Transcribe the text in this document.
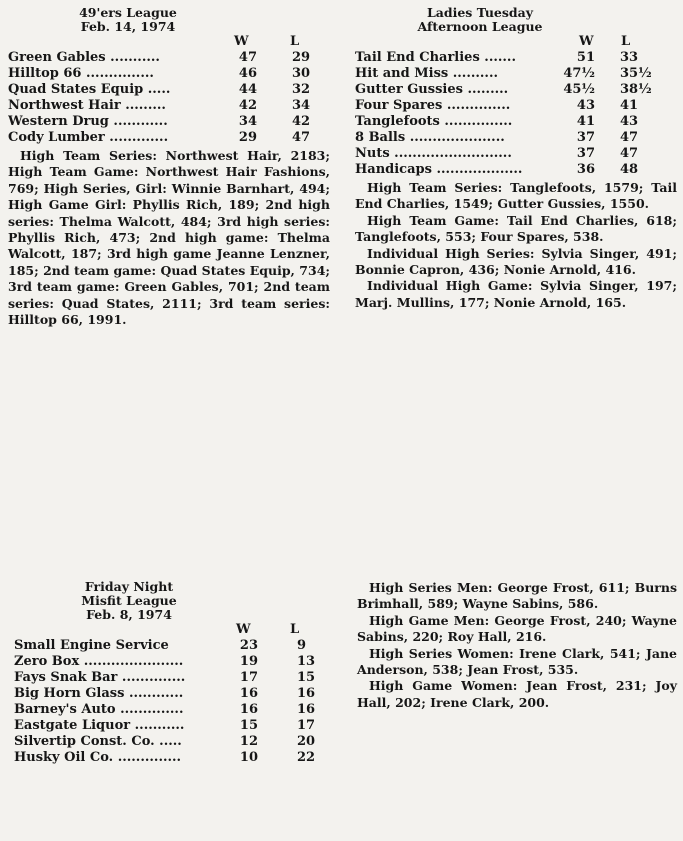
49'ers League
Feb. 14, 1974
W	L
Green Gables ...........	47	29
Hilltop 66 ...............	46	30
Quad States Equip .....	44	32
Northwest Hair .........	42	34
Western Drug ............	34	42
Cody Lumber .............	29	47

High Team Series: Northwest Hair, 2183; High Team Game: Northwest Hair Fashions, 769; High Series, Girl: Winnie Barnhart, 494; High Game Girl: Phyllis Rich, 189; 2nd high series: Thelma Walcott, 484; 3rd high series: Phyllis Rich, 473; 2nd high game: Thelma Walcott, 187; 3rd high game Jeanne Lenzner, 185; 2nd team game: Quad States Equip, 734; 3rd team game: Green Gables, 701; 2nd team series: Quad States, 2111; 3rd team series: Hilltop 66, 1991.

Ladies Tuesday
Afternoon League
W L
Tail End Charlies .......	51 33
Hit and Miss ..........	47½ 35½
Gutter Gussies .........	45½ 38½
Four Spares ..............	43 41
Tanglefoots ...............	41 43
8 Balls .....................	37 47
Nuts ..........................	37 47
Handicaps ...................	36 48

High Team Series: Tanglefoots, 1579; Tail End Charlies, 1549; Gutter Gussies, 1550.

High Team Game: Tail End Charlies, 618; Tanglefoots, 553; Four Spares, 538.

Individual High Series: Sylvia Singer, 491; Bonnie Capron, 436; Nonie Arnold, 416.

Individual High Game: Sylvia Singer, 197; Marj. Mullins, 177; Nonie Arnold, 165.

Friday Night
Misfit League
Feb. 8, 1974
W	L
Small Engine Service	23	9
Zero Box ......................	19	13
Fays Snak Bar ..............	17	15
Big Horn Glass ............	16	16
Barney's Auto ..............	16	16
Eastgate Liquor ...........	15	17
Silvertip Const. Co. .....	12	20
Husky Oil Co. ..............	10	22

High Series Men: George Frost, 611; Burns Brimhall, 589; Wayne Sabins, 586.

High Game Men: George Frost, 240; Wayne Sabins, 220; Roy Hall, 216.

High Series Women: Irene Clark, 541; Jane Anderson, 538; Jean Frost, 535.

High Game Women: Jean Frost, 231; Joy Hall, 202; Irene Clark, 200.
